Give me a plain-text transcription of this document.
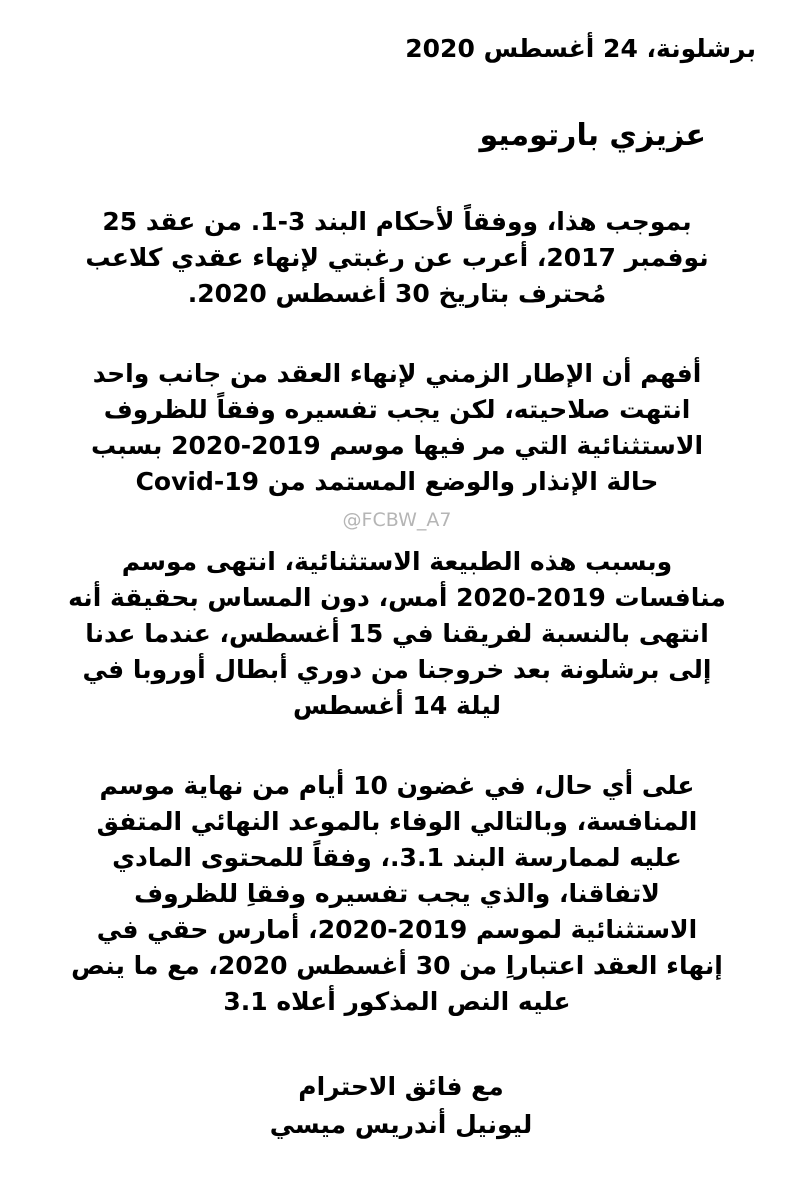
برشلونة، 24 أغسطس 2020
عزيزي بارتوميو
بموجب هذا، ووفقاً لأحكام البند 3-1. من عقد 25
نوفمبر 2017، أعرب عن رغبتي لإنهاء عقدي كلاعب
مُحترف بتاريخ 30 أغسطس 2020.
أفهم أن الإطار الزمني لإنهاء العقد من جانب واحد
انتهت صلاحيته، لكن يجب تفسيره وفقاً للظروف
الاستثنائية التي مر فيها موسم 2019-2020 بسبب
حالة الإنذار والوضع المستمد من Covid-19
@FCBW_A7
وبسبب هذه الطبيعة الاستثنائية، انتهى موسم
منافسات 2019-2020 أمس، دون المساس بحقيقة أنه
انتهى بالنسبة لفريقنا في 15 أغسطس، عندما عدنا
إلى برشلونة بعد خروجنا من دوري أبطال أوروبا في
ليلة 14 أغسطس
على أي حال، في غضون 10 أيام من نهاية موسم
المنافسة، وبالتالي الوفاء بالموعد النهائي المتفق
عليه لممارسة البند 3.1.، وفقاً للمحتوى المادي
لاتفاقنا، والذي يجب تفسيره وفقاِ للظروف
الاستثنائية لموسم 2019-2020، أمارس حقي في
إنهاء العقد اعتباراِ من 30 أغسطس 2020، مع ما ينص
عليه النص المذكور أعلاه 3.1
مع فائق الاحترام
ليونيل أندريس ميسي
